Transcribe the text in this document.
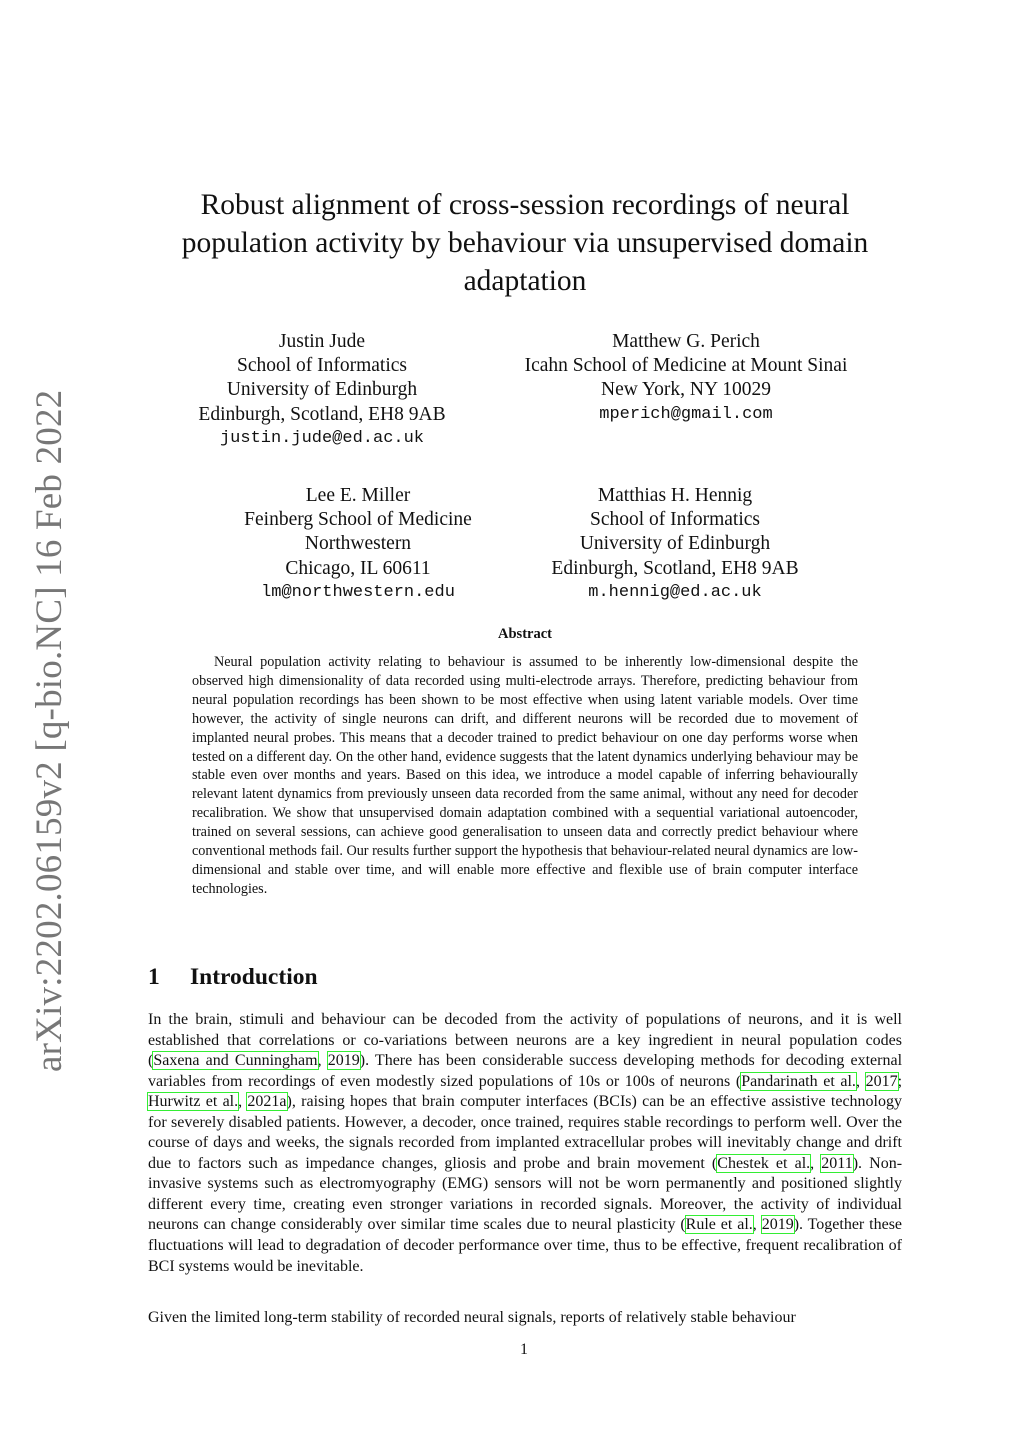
arXiv:2202.06159v2 [q-bio.NC] 16 Feb 2022
Robust alignment of cross-session recordings of neural population activity by behaviour via unsupervised domain adaptation
Justin Jude
School of Informatics
University of Edinburgh
Edinburgh, Scotland, EH8 9AB
justin.jude@ed.ac.uk
Matthew G. Perich
Icahn School of Medicine at Mount Sinai
New York, NY 10029
mperich@gmail.com
Lee E. Miller
Feinberg School of Medicine
Northwestern
Chicago, IL 60611
lm@northwestern.edu
Matthias H. Hennig
School of Informatics
University of Edinburgh
Edinburgh, Scotland, EH8 9AB
m.hennig@ed.ac.uk
Abstract

Neural population activity relating to behaviour is assumed to be inherently low-dimensional despite the observed high dimensionality of data recorded using multi-electrode arrays. Therefore, predicting behaviour from neural population recordings has been shown to be most effective when using latent variable models. Over time however, the activity of single neurons can drift, and different neurons will be recorded due to movement of implanted neural probes. This means that a decoder trained to predict behaviour on one day performs worse when tested on a different day. On the other hand, evidence suggests that the latent dynamics underlying behaviour may be stable even over months and years. Based on this idea, we introduce a model capable of inferring behaviourally relevant latent dynamics from previously unseen data recorded from the same animal, without any need for decoder recalibration. We show that unsupervised domain adaptation combined with a sequential variational autoencoder, trained on several sessions, can achieve good generalisation to unseen data and correctly predict behaviour where conventional methods fail. Our results further support the hypothesis that behaviour-related neural dynamics are low-dimensional and stable over time, and will enable more effective and flexible use of brain computer interface technologies.

1 Introduction

In the brain, stimuli and behaviour can be decoded from the activity of populations of neurons, and it is well established that correlations or co-variations between neurons are a key ingredient in neural population codes (Saxena and Cunningham, 2019). There has been considerable success developing methods for decoding external variables from recordings of even modestly sized populations of 10s or 100s of neurons (Pandarinath et al., 2017; Hurwitz et al., 2021a), raising hopes that brain computer interfaces (BCIs) can be an effective assistive technology for severely disabled patients. However, a decoder, once trained, requires stable recordings to perform well. Over the course of days and weeks, the signals recorded from implanted extracellular probes will inevitably change and drift due to factors such as impedance changes, gliosis and probe and brain movement (Chestek et al., 2011). Non-invasive systems such as electromyography (EMG) sensors will not be worn permanently and positioned slightly different every time, creating even stronger variations in recorded signals. Moreover, the activity of individual neurons can change considerably over similar time scales due to neural plasticity (Rule et al., 2019). Together these fluctuations will lead to degradation of decoder performance over time, thus to be effective, frequent recalibration of BCI systems would be inevitable.

Given the limited long-term stability of recorded neural signals, reports of relatively stable behaviour

1
